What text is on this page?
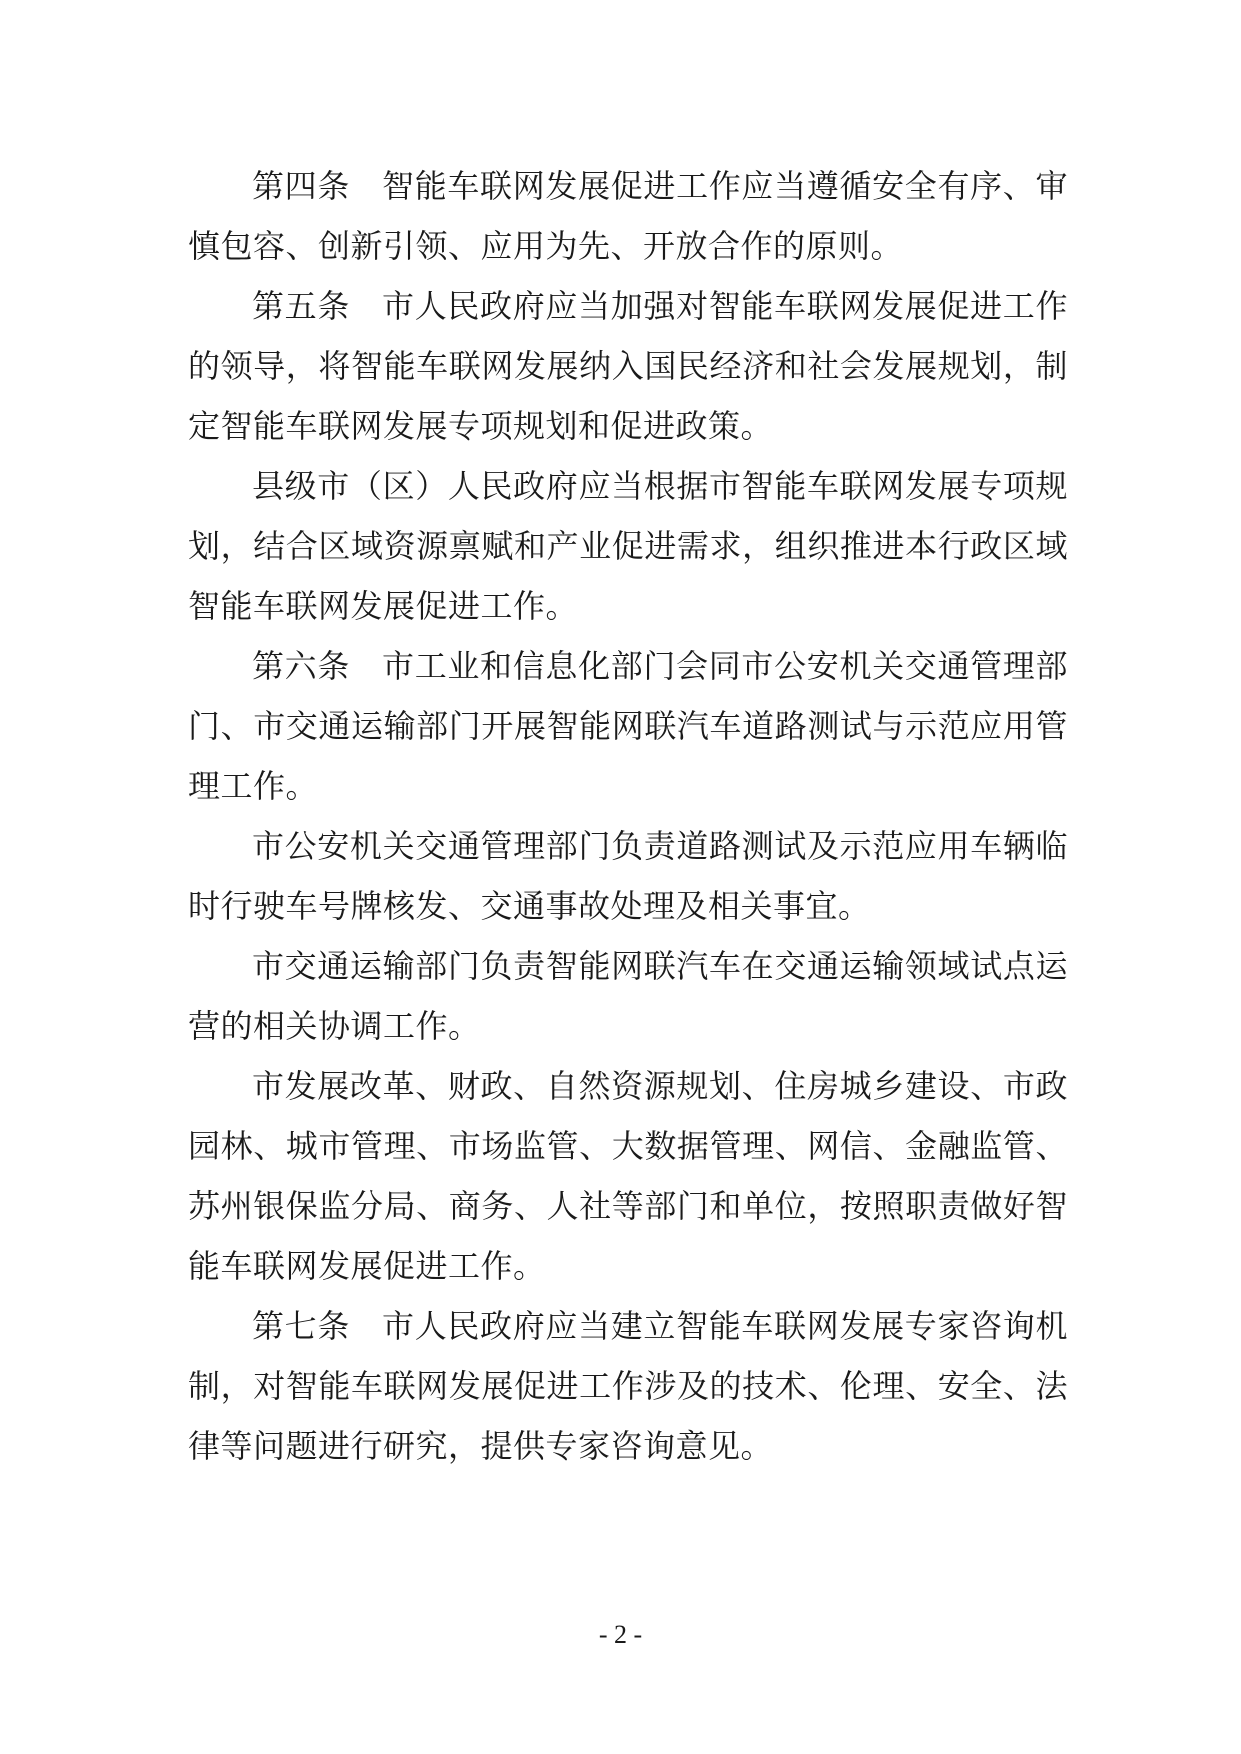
第四条 智能车联网发展促进工作应当遵循安全有序、审慎包容、创新引领、应用为先、开放合作的原则。

第五条 市人民政府应当加强对智能车联网发展促进工作的领导，将智能车联网发展纳入国民经济和社会发展规划，制定智能车联网发展专项规划和促进政策。

县级市（区）人民政府应当根据市智能车联网发展专项规划，结合区域资源禀赋和产业促进需求，组织推进本行政区域智能车联网发展促进工作。

第六条 市工业和信息化部门会同市公安机关交通管理部门、市交通运输部门开展智能网联汽车道路测试与示范应用管理工作。

市公安机关交通管理部门负责道路测试及示范应用车辆临时行驶车号牌核发、交通事故处理及相关事宜。

市交通运输部门负责智能网联汽车在交通运输领域试点运营的相关协调工作。

市发展改革、财政、自然资源规划、住房城乡建设、市政园林、城市管理、市场监管、大数据管理、网信、金融监管、苏州银保监分局、商务、人社等部门和单位，按照职责做好智能车联网发展促进工作。

第七条 市人民政府应当建立智能车联网发展专家咨询机制，对智能车联网发展促进工作涉及的技术、伦理、安全、法律等问题进行研究，提供专家咨询意见。

- 2 -
